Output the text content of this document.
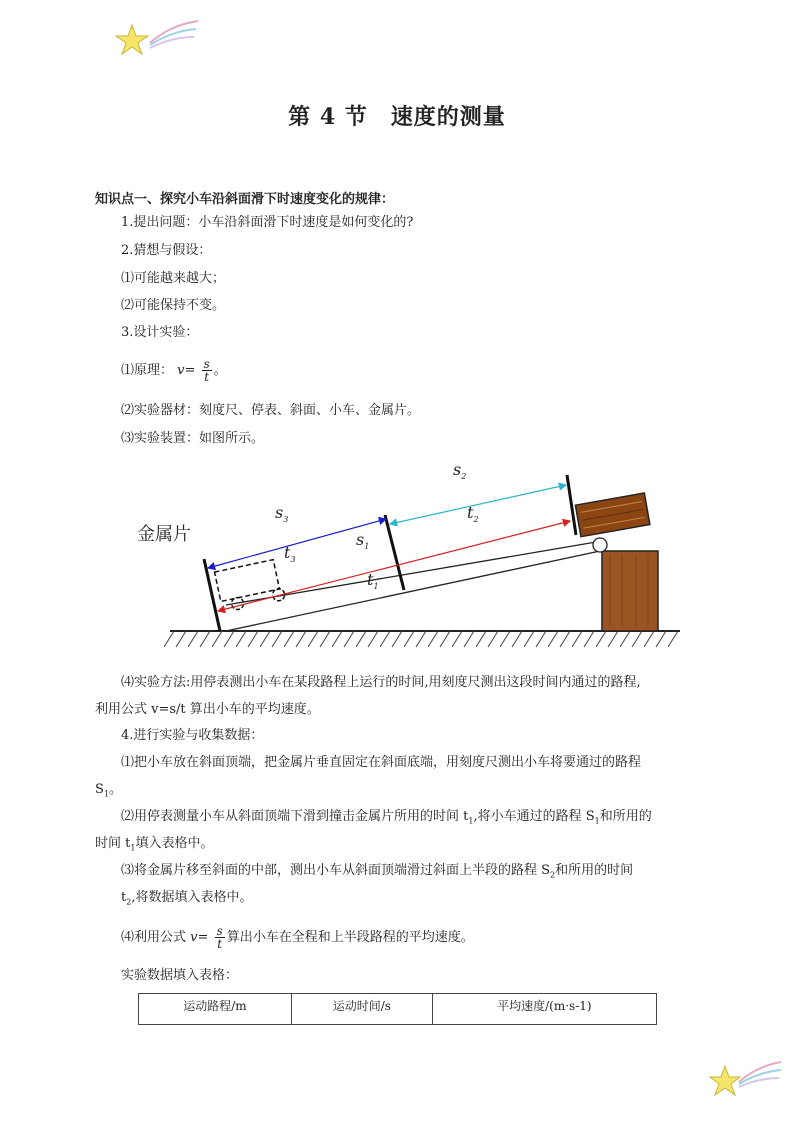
第 4 节　速度的测量
知识点一、探究小车沿斜面滑下时速度变化的规律：
1.提出问题：小车沿斜面滑下时速度是如何变化的?
2.猜想与假设：
⑴可能越来越大；
⑵可能保持不变。
3.设计实验：
⑴原理： $v= \frac{s}{t}$ 。
⑵实验器材：刻度尺、停表、斜面、小车、金属片。
⑶实验装置：如图所示。
金属片
$s_2$
$s_3$	$t_2$
$s_1$
$t_3$
$t_1$
⑷实验方法:用停表测出小车在某段路程上运行的时间,用刻度尺测出这段时间内通过的路程,
利用公式 v=s/t 算出小车的平均速度。
4.进行实验与收集数据：
⑴把小车放在斜面顶端，把金属片垂直固定在斜面底端，用刻度尺测出小车将要通过的路程
$S_1$。
⑵用停表测量小车从斜面顶端下滑到撞击金属片所用的时间 $t_1$,将小车通过的路程 $S_1$和所用的
时间 $t_1$填入表格中。
⑶将金属片移至斜面的中部，测出小车从斜面顶端滑过斜面上半段的路程 $S_2$和所用的时间
$t_2$,将数据填入表格中。
⑷利用公式 $v= \frac{s}{t}$ 算出小车在全程和上半段路程的平均速度。
实验数据填入表格：
运动路程/m	运动时间/s	平均速度/(m·s-1)
